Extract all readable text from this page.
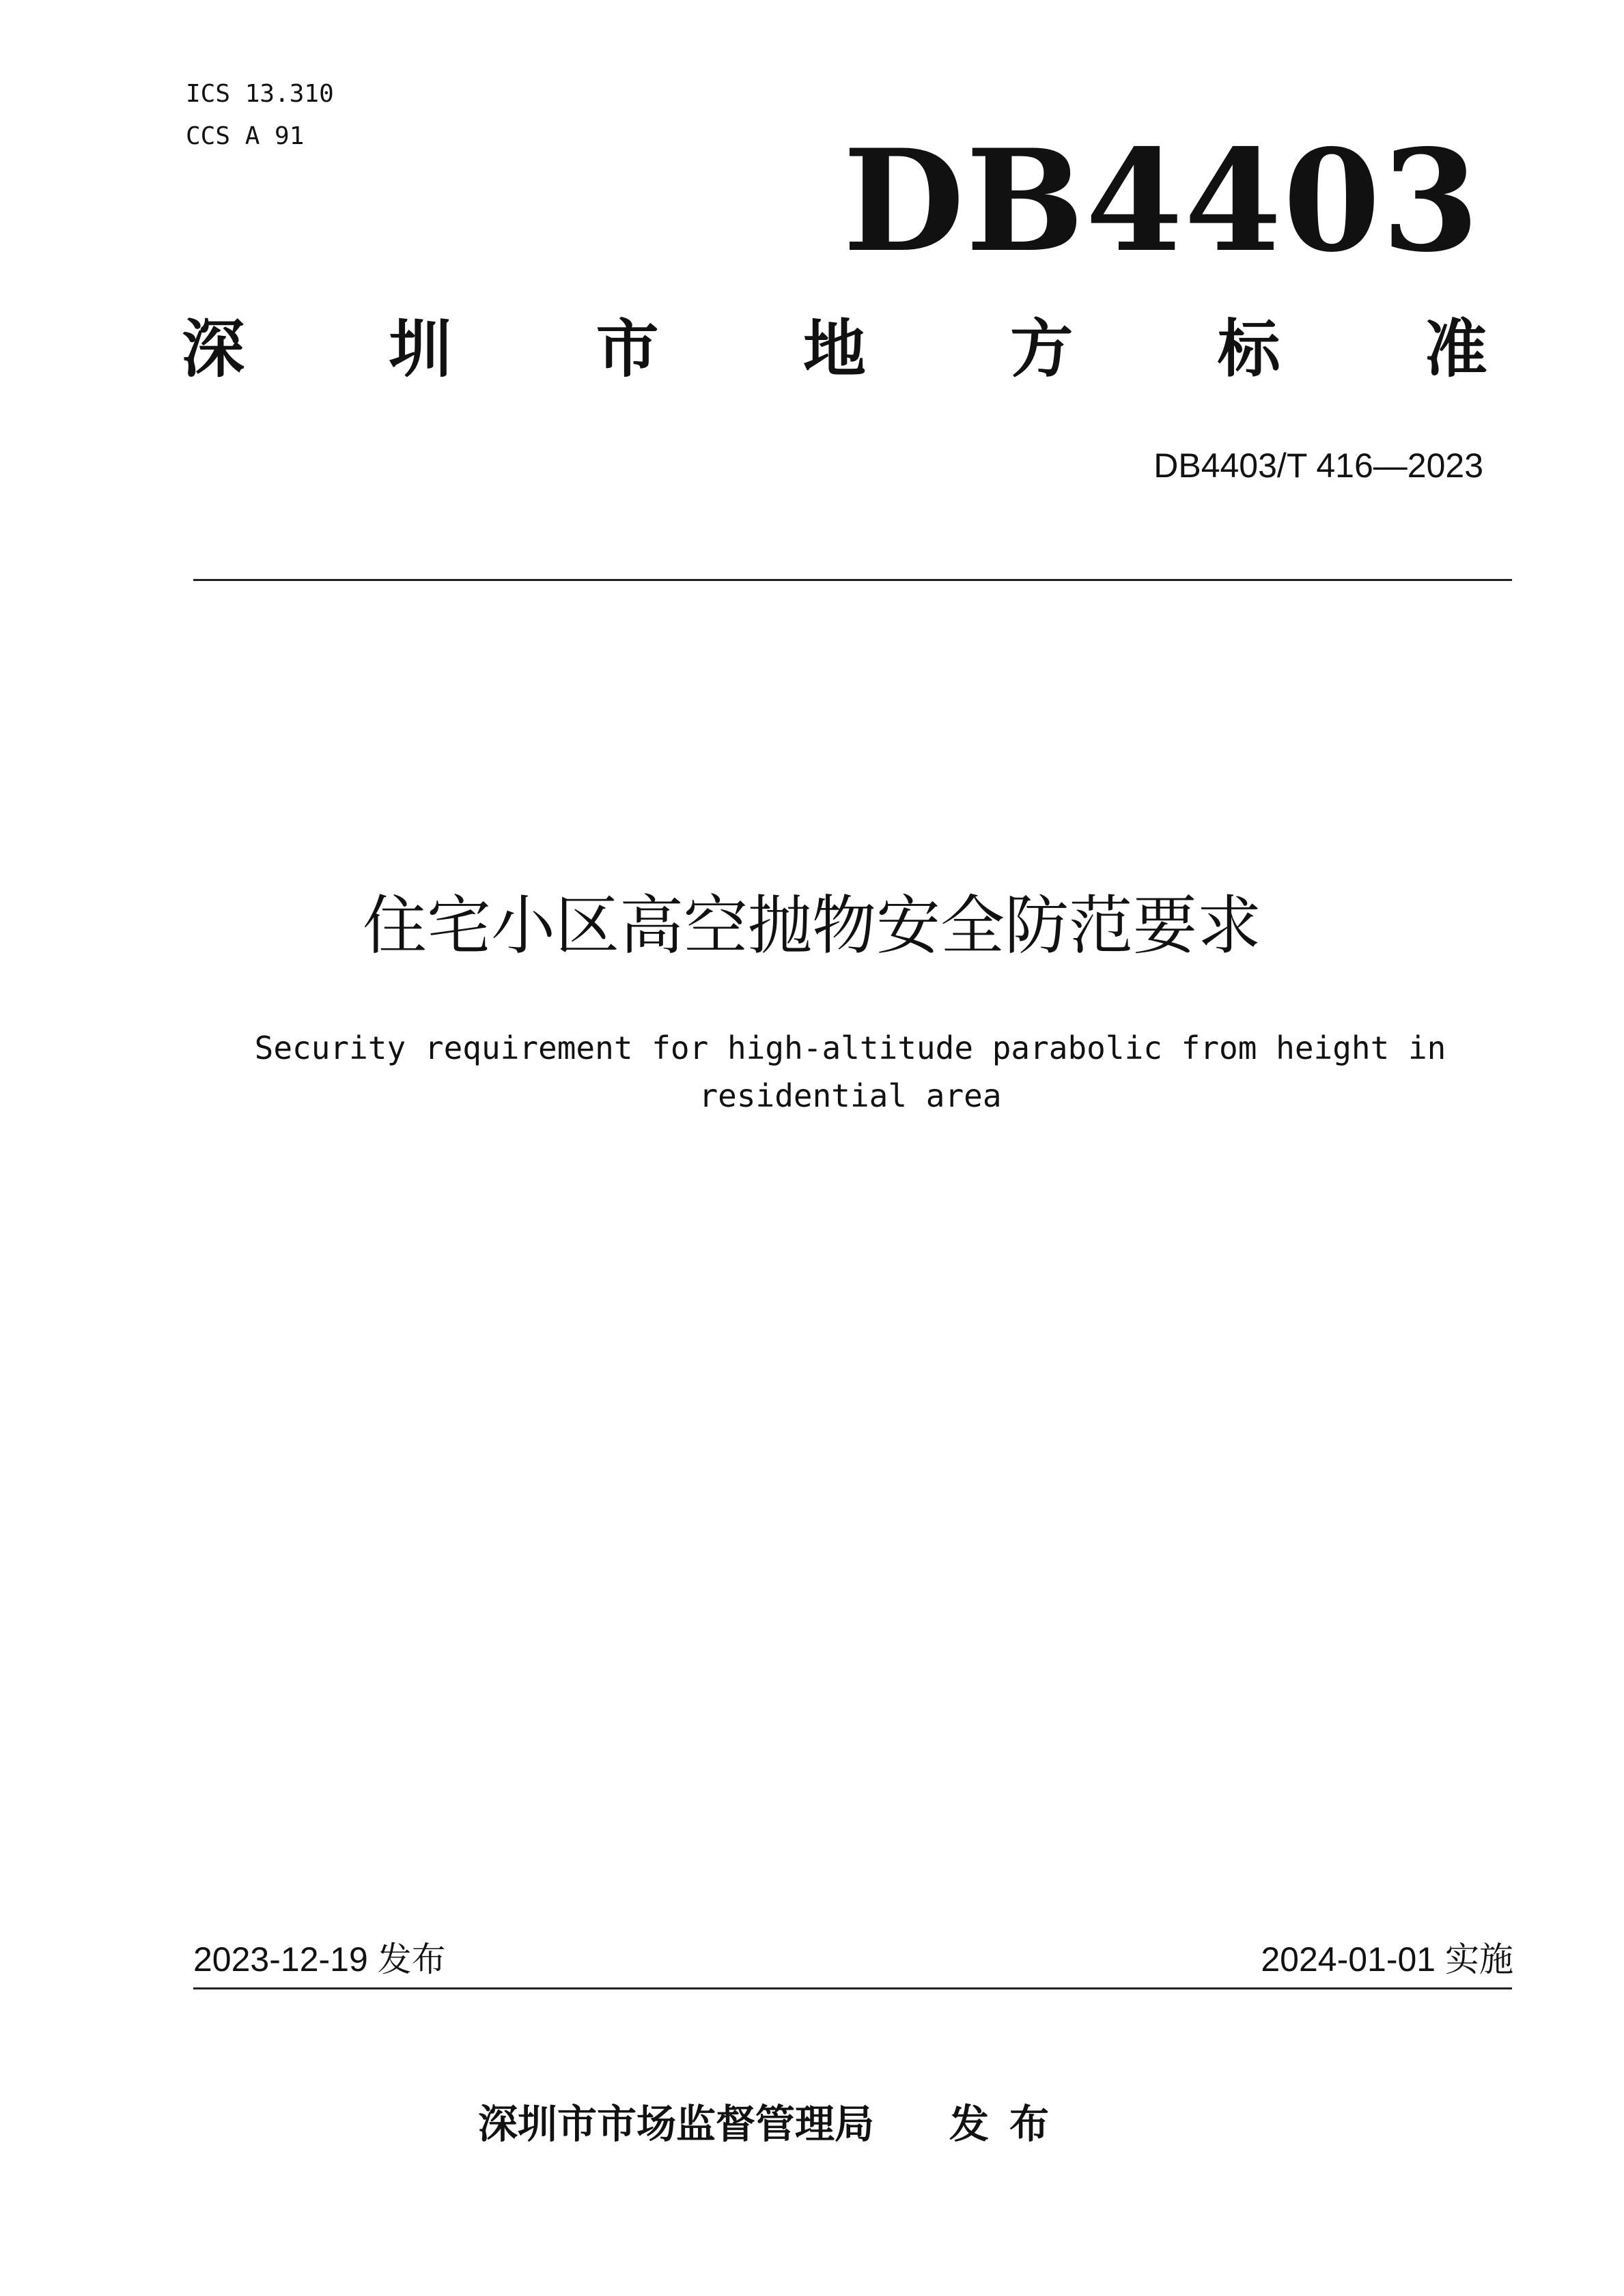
ICS 13.310
CCS A 91	DB4403
深 圳 市 地 方 标 准
DB4403/T 416—2023
住宅小区高空抛物安全防范要求
Security requirement for high-altitude parabolic from height in
residential area
2023-12-19 发布	2024-01-01 实施
深圳市市场监督管理局 发布
